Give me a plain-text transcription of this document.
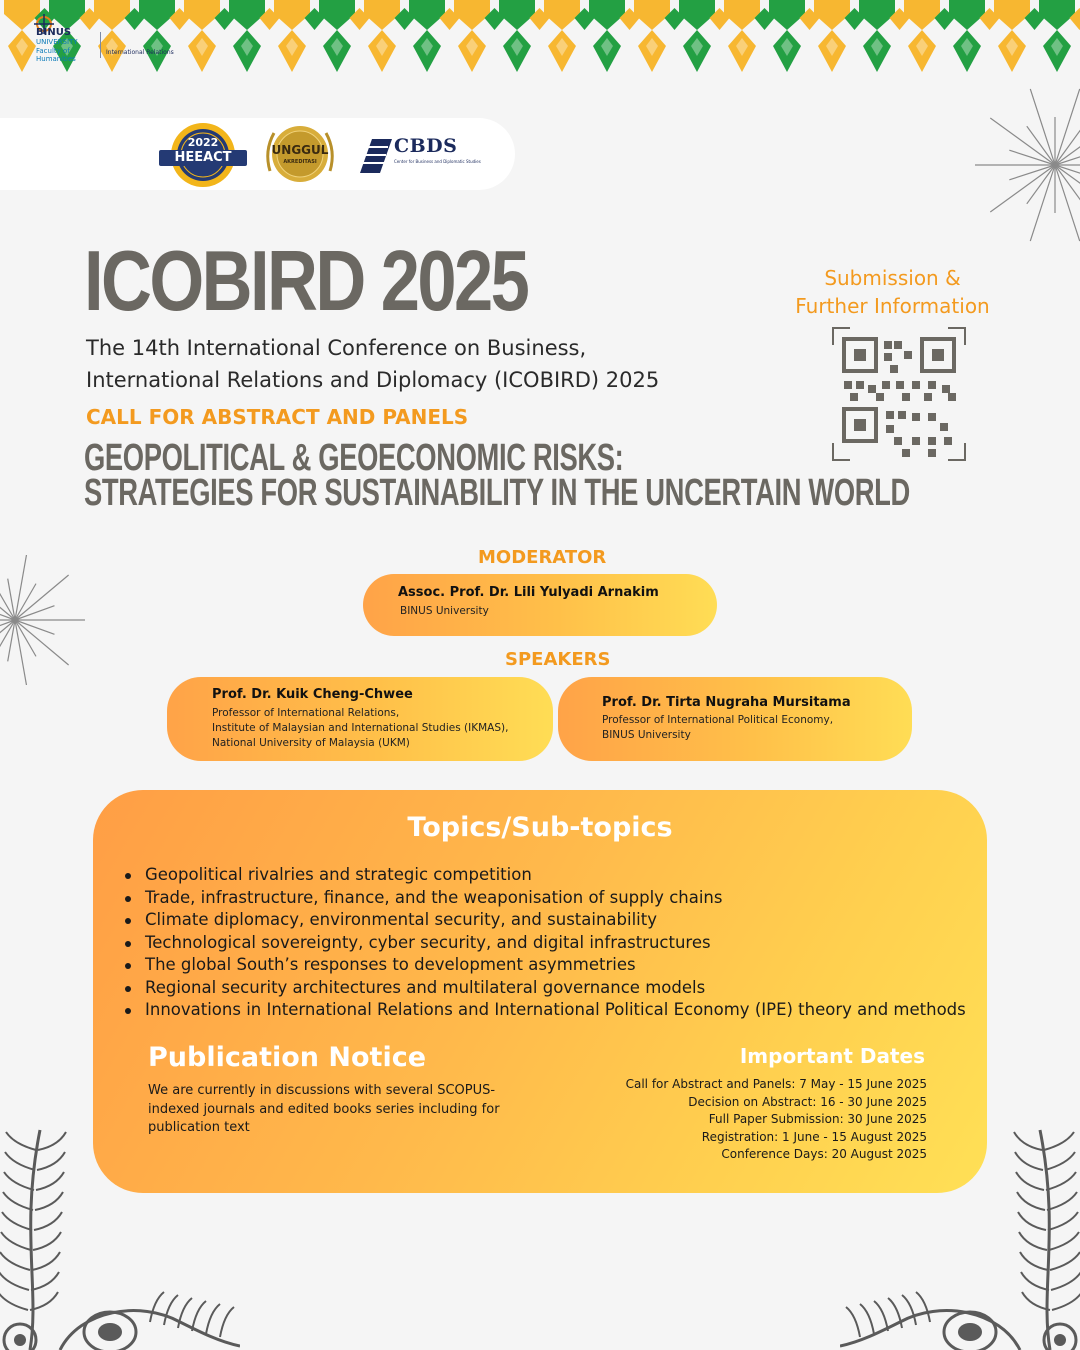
BINUS
UNIVERSITY
Faculty of Humanities
International Relations
2022
HEEACT	UNGGUL
AKREDITASI
CBDS
Center for Business and Diplomatic Studies
ICOBIRD 2025
The 14th International Conference on Business, International Relations and Diplomacy (ICOBIRD) 2025
CALL FOR ABSTRACT AND PANELS
GEOPOLITICAL & GEOECONOMIC RISKS:
STRATEGIES FOR SUSTAINABILITY IN THE UNCERTAIN WORLD
Submission & Further Information
MODERATOR
Assoc. Prof. Dr. Lili Yulyadi Arnakim
BINUS University
SPEAKERS
Prof. Dr. Kuik Cheng-Chwee
Professor of International Relations,
Institute of Malaysian and International Studies (IKMAS),
National University of Malaysia (UKM)
Prof. Dr. Tirta Nugraha Mursitama
Professor of International Political Economy,
BINUS University
Topics/Sub-topics
Geopolitical rivalries and strategic competition
Trade, infrastructure, finance, and the weaponisation of supply chains
Climate diplomacy, environmental security, and sustainability
Technological sovereignty, cyber security, and digital infrastructures
The global South’s responses to development asymmetries
Regional security architectures and multilateral governance models
Innovations in International Relations and International Political Economy (IPE) theory and methods
Publication Notice
We are currently in discussions with several SCOPUS-indexed journals and edited books series including for publication text
Important Dates
Call for Abstract and Panels: 7 May - 15 June 2025
Decision on Abstract: 16 - 30 June 2025
Full Paper Submission: 30 June 2025
Registration: 1 June - 15 August 2025
Conference Days: 20 August 2025
